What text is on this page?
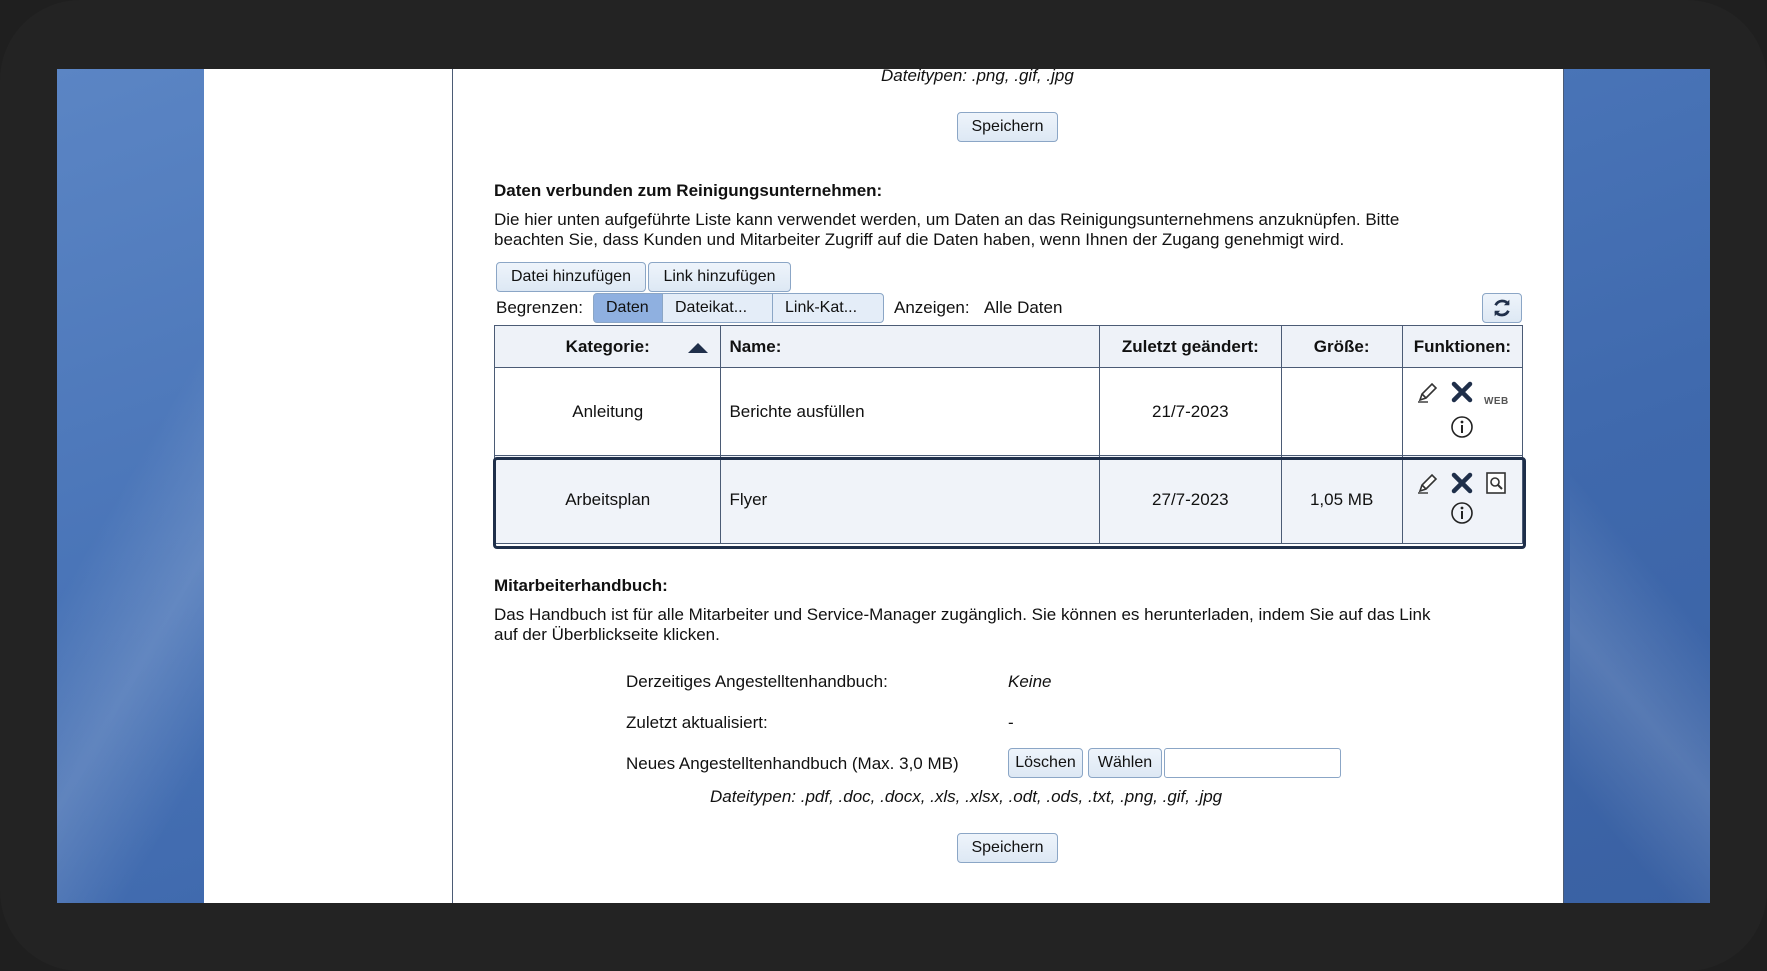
Dateitypen: .png, .gif, .jpg
Speichern
Daten verbunden zum Reinigungsunternehmen:
Die hier unten aufgeführte Liste kann verwendet werden, um Daten an das Reinigungsunternehmens anzuknüpfen. Bitte
beachten Sie, dass Kunden und Mitarbeiter Zugriff auf die Daten haben, wenn Ihnen der Zugang genehmigt wird.
Datei hinzufügen	Link hinzufügen
Begrenzen:	Daten	Dateikat...	Link-Kat...	Anzeigen: Alle Daten
Kategorie:	Name:	Zuletzt geändert:	Größe:	Funktionen:
Anleitung	Berichte ausfüllen	21/7-2023		WEB

Arbeitsplan	Flyer	27/7-2023	1,05 MB	
Mitarbeiterhandbuch:
Das Handbuch ist für alle Mitarbeiter und Service-Manager zugänglich. Sie können es herunterladen, indem Sie auf das Link
auf der Überblickseite klicken.
Derzeitiges Angestelltenhandbuch:	Keine
Zuletzt aktualisiert:	-
Neues Angestelltenhandbuch (Max. 3,0 MB)	Löschen	Wählen
Dateitypen: .pdf, .doc, .docx, .xls, .xlsx, .odt, .ods, .txt, .png, .gif, .jpg
Speichern
